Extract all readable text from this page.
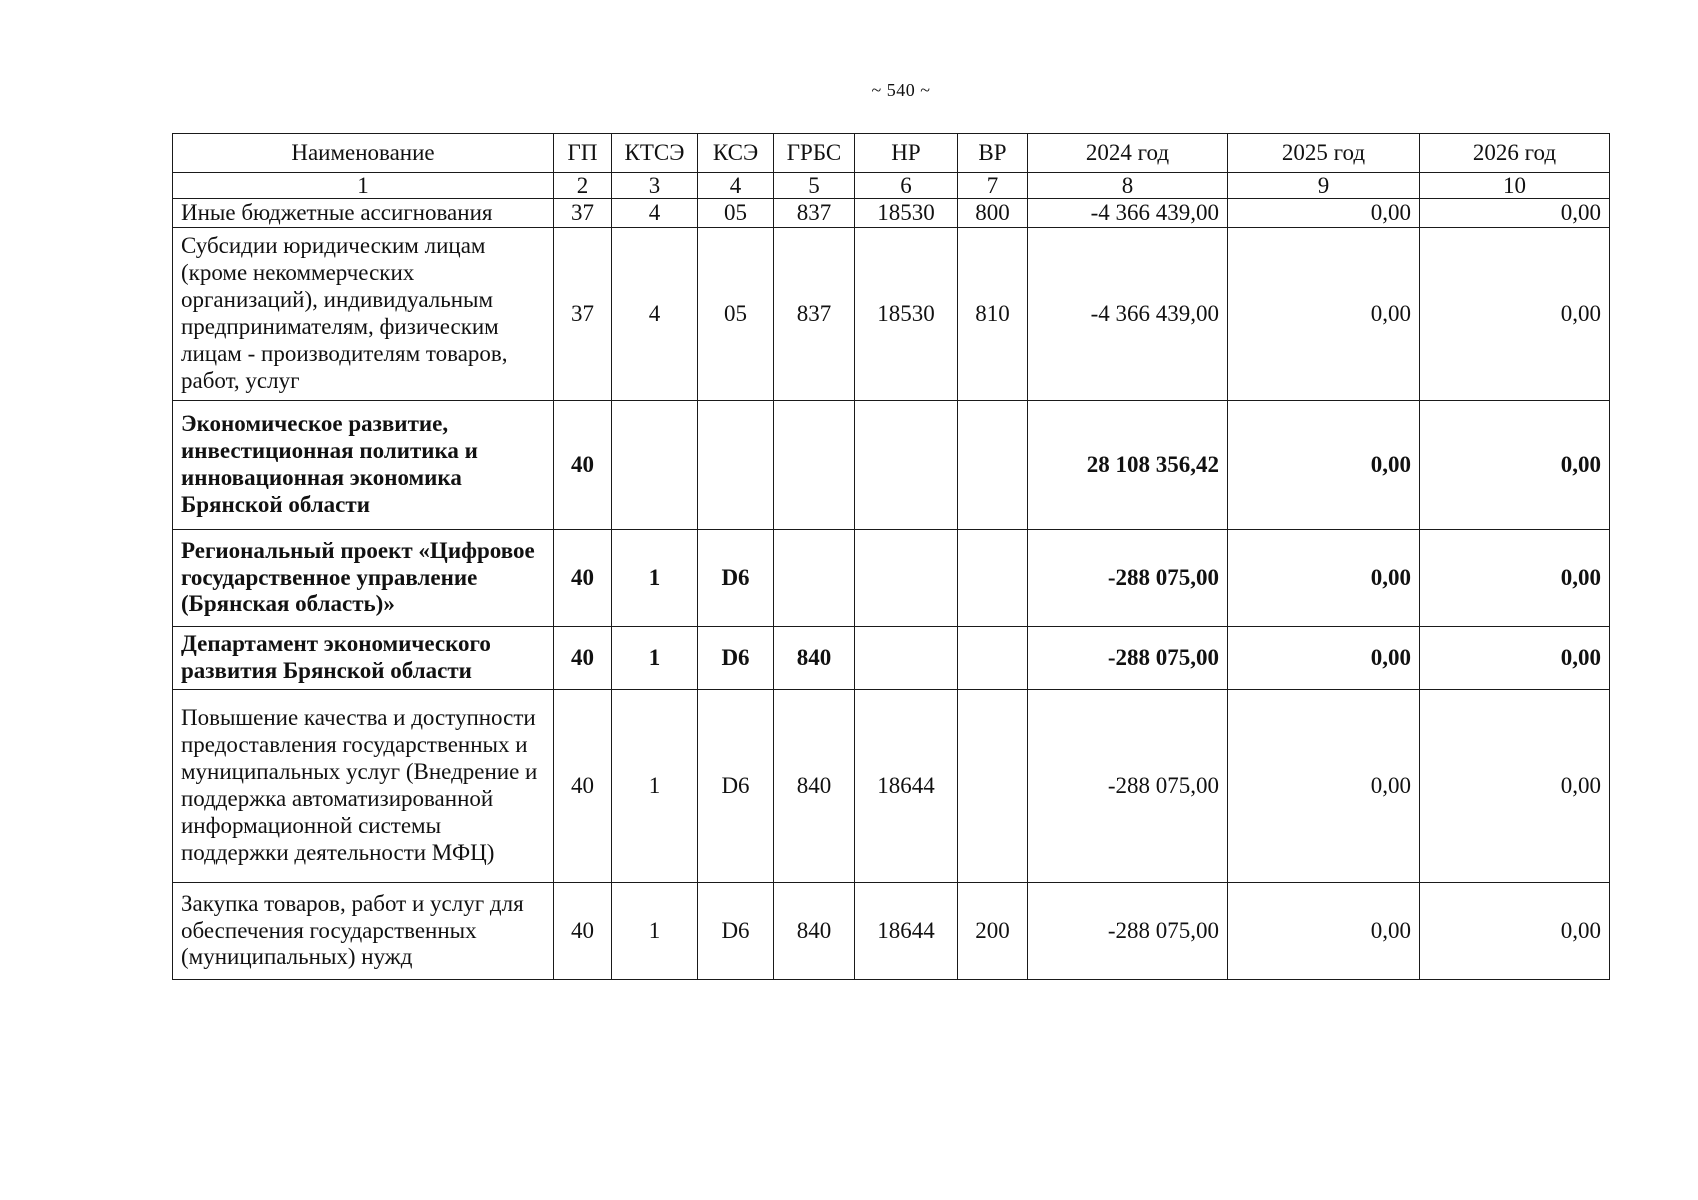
~ 540 ~
Наименование	ГП	КТСЭ	КСЭ	ГРБС	НР	ВР	2024 год	2025 год	2026 год
1	2	3	4	5	6	7	8	9	10
Иные бюджетные ассигнования	37	4	05	837	18530	800	-4 366 439,00	0,00	0,00
Субсидии юридическим лицам (кроме некоммерческих организаций), индивидуальным предпринимателям, физическим лицам - производителям товаров, работ, услуг	37	4	05	837	18530	810	-4 366 439,00	0,00	0,00
Экономическое развитие, инвестиционная политика и инновационная экономика Брянской области	40						28 108 356,42	0,00	0,00
Региональный проект «Цифровое государственное управление (Брянская область)»	40	1	D6				-288 075,00	0,00	0,00
Департамент экономического развития Брянской области	40	1	D6	840			-288 075,00	0,00	0,00
Повышение качества и доступности предоставления государственных и муниципальных услуг (Внедрение и поддержка автоматизированной информационной системы поддержки деятельности МФЦ)	40	1	D6	840	18644		-288 075,00	0,00	0,00
Закупка товаров, работ и услуг для обеспечения государственных (муниципальных) нужд	40	1	D6	840	18644	200	-288 075,00	0,00	0,00
